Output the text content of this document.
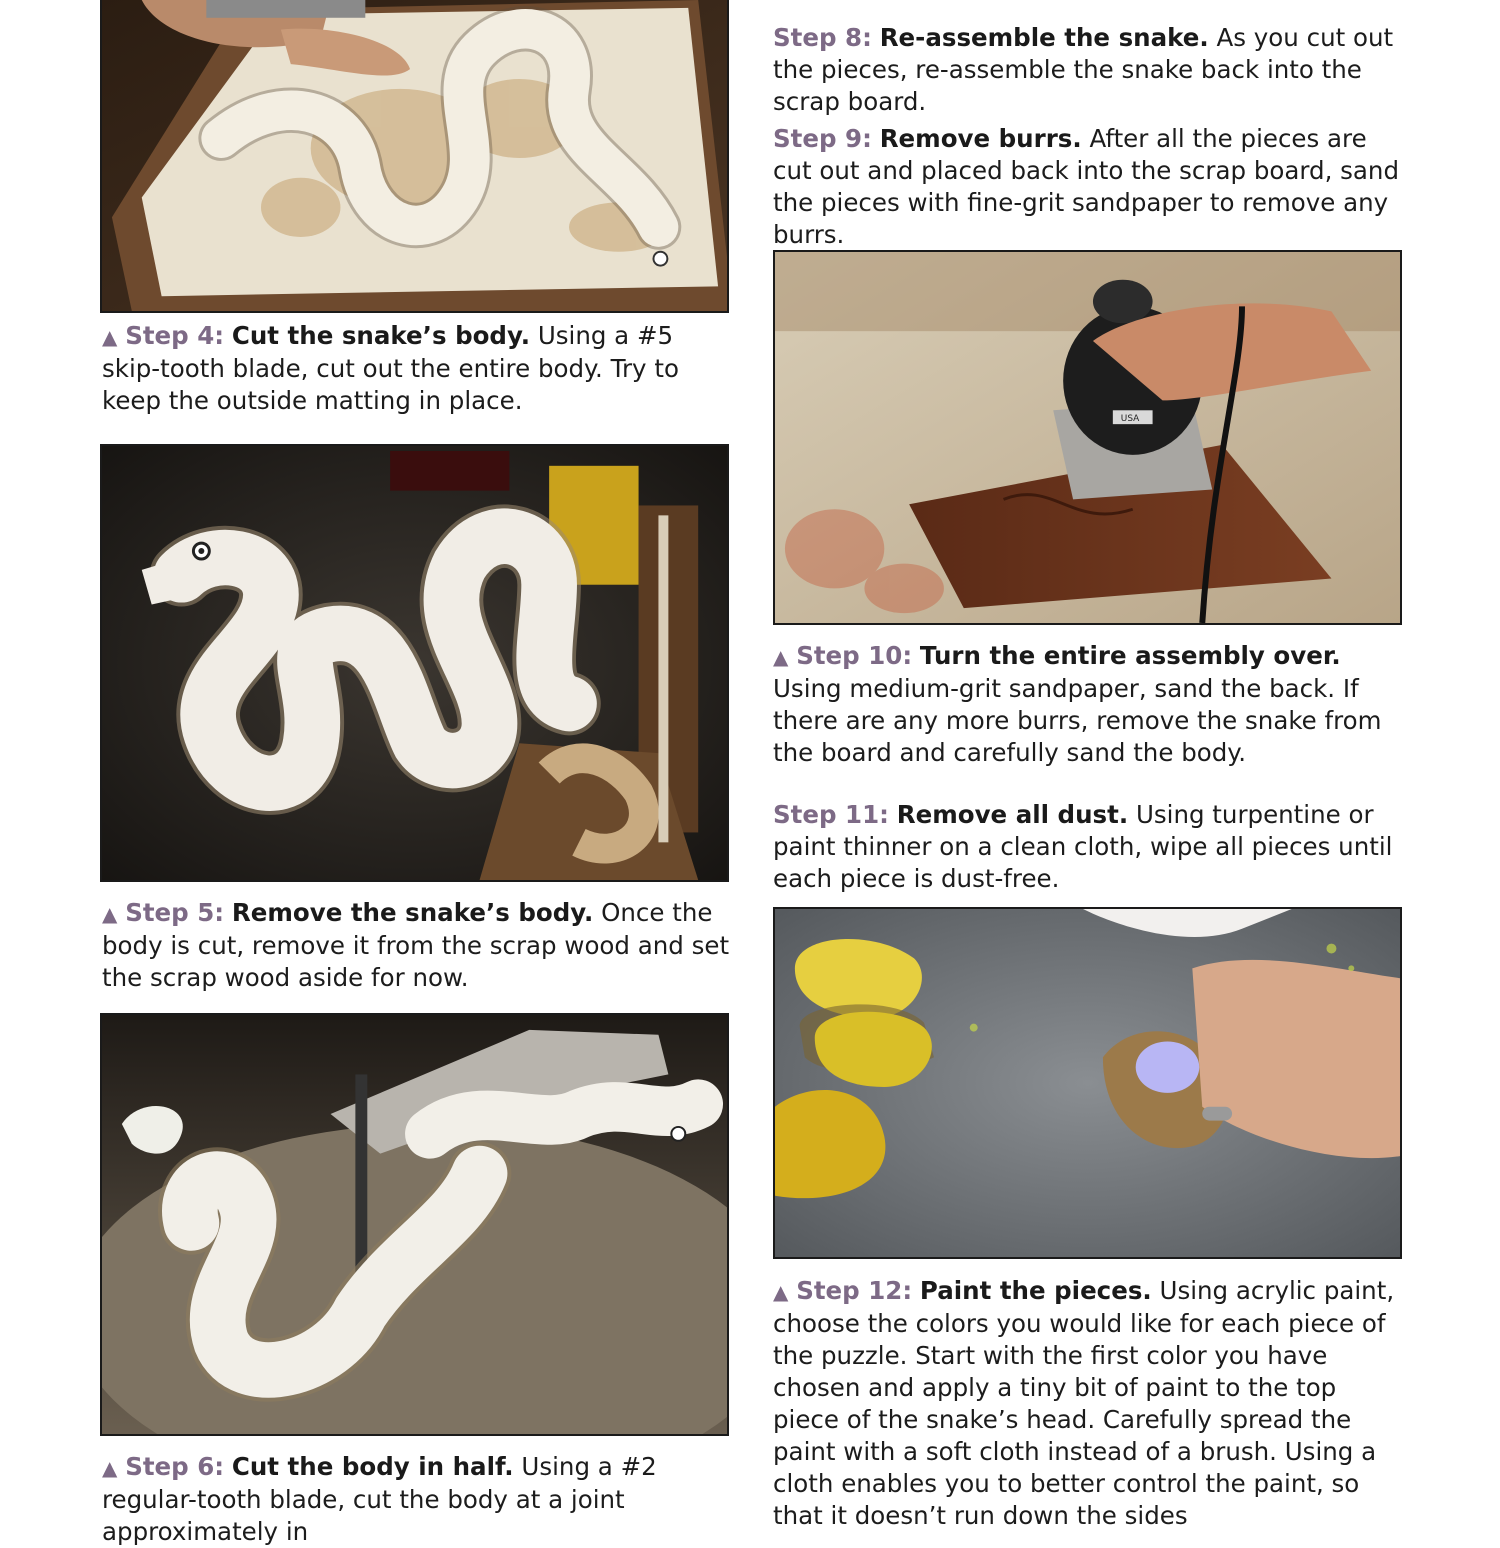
▲ Step 4: Cut the snake’s body. Using a #5 skip-tooth blade, cut out the entire body. Try to keep the outside matting in place.

▲ Step 5: Remove the snake’s body. Once the body is cut, remove it from the scrap wood and set the scrap wood aside for now.

▲ Step 6: Cut the body in half. Using a #2 regular-tooth blade, cut the body at a joint approximately in

Step 8: Re-assemble the snake. As you cut out the pieces, re-assemble the snake back into the scrap board.

Step 9: Remove burrs. After all the pieces are cut out and placed back into the scrap board, sand the pieces with fine-grit sandpaper to remove any burrs.

USA

▲ Step 10: Turn the entire assembly over. Using medium-grit sandpaper, sand the back. If there are any more burrs, remove the snake from the board and carefully sand the body.

Step 11: Remove all dust. Using turpentine or paint thinner on a clean cloth, wipe all pieces until each piece is dust-free.

▲ Step 12: Paint the pieces. Using acrylic paint, choose the colors you would like for each piece of the puzzle. Start with the first color you have chosen and apply a tiny bit of paint to the top piece of the snake’s head. Carefully spread the paint with a soft cloth instead of a brush. Using a cloth enables you to better control the paint, so that it doesn’t run down the sides
